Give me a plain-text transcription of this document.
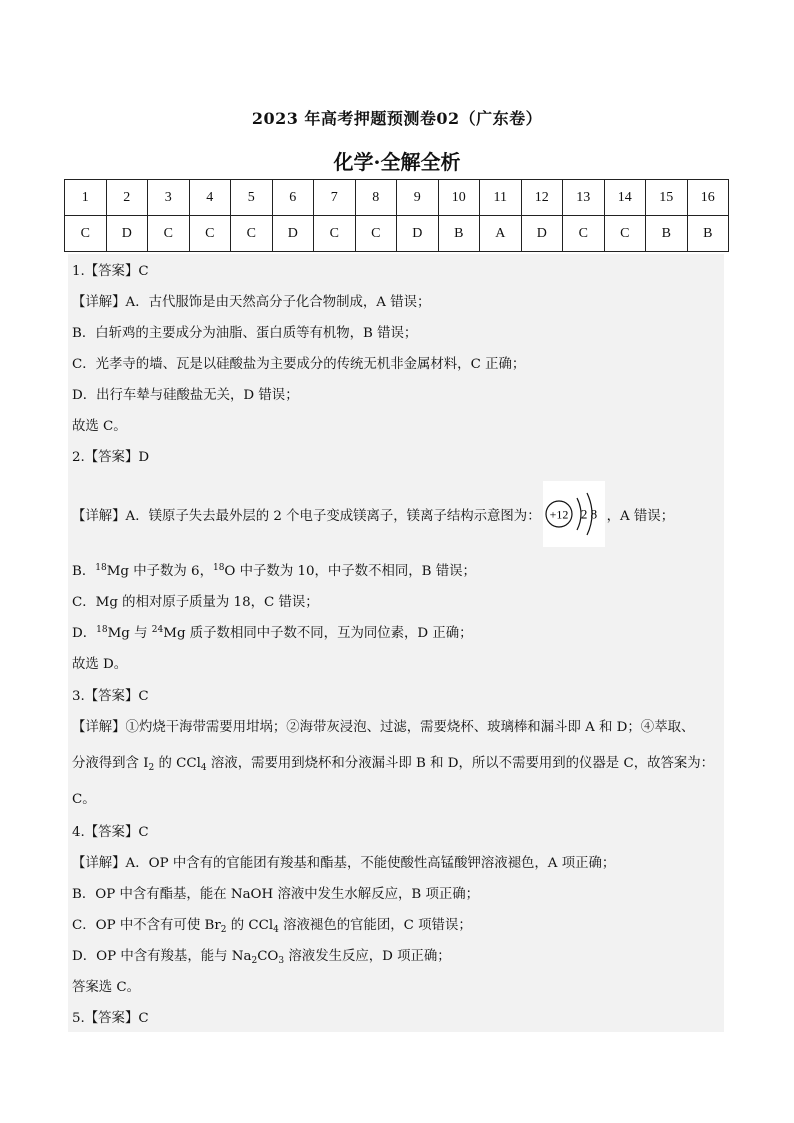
2023 年高考押题预测卷02（广东卷）
化学·全解全析
1	2	3	4	5	6	7	8	9	10	11	12	13	14	15	16
C	D	C	C	C	D	C	C	D	B	A	D	C	C	B	B
1.【答案】C
【详解】A．古代服饰是由天然高分子化合物制成，A 错误；
B．白斩鸡的主要成分为油脂、蛋白质等有机物，B 错误；
C．光孝寺的墙、瓦是以硅酸盐为主要成分的传统无机非金属材料，C 正确；
D．出行车辇与硅酸盐无关，D 错误；
故选 C。
2.【答案】D
【详解】A．镁原子失去最外层的 2 个电子变成镁离子，镁离子结构示意图为： +12 2 8 ，A 错误；
B．$^{18}$Mg 中子数为 6，$^{18}$O 中子数为 10，中子数不相同，B 错误；
C．Mg 的相对原子质量为 18，C 错误；
D．$^{18}$Mg 与 $^{24}$Mg 质子数相同中子数不同，互为同位素，D 正确；
故选 D。
3.【答案】C
【详解】①灼烧干海带需要用坩埚；②海带灰浸泡、过滤，需要烧杯、玻璃棒和漏斗即 A 和 D；④萃取、
分液得到含 $I_2$ 的 CCl$_4$ 溶液，需要用到烧杯和分液漏斗即 B 和 D，所以不需要用到的仪器是 C，故答案为：
C。
4.【答案】C
【详解】A．OP 中含有的官能团有羧基和酯基，不能使酸性高锰酸钾溶液褪色，A 项正确；
B．OP 中含有酯基，能在 NaOH 溶液中发生水解反应，B 项正确；
C．OP 中不含有可使 $Br_2$ 的 CCl$_4$ 溶液褪色的官能团，C 项错误；
D．OP 中含有羧基，能与 $Na_2CO_3$ 溶液发生反应，D 项正确；
答案选 C。
5.【答案】C
